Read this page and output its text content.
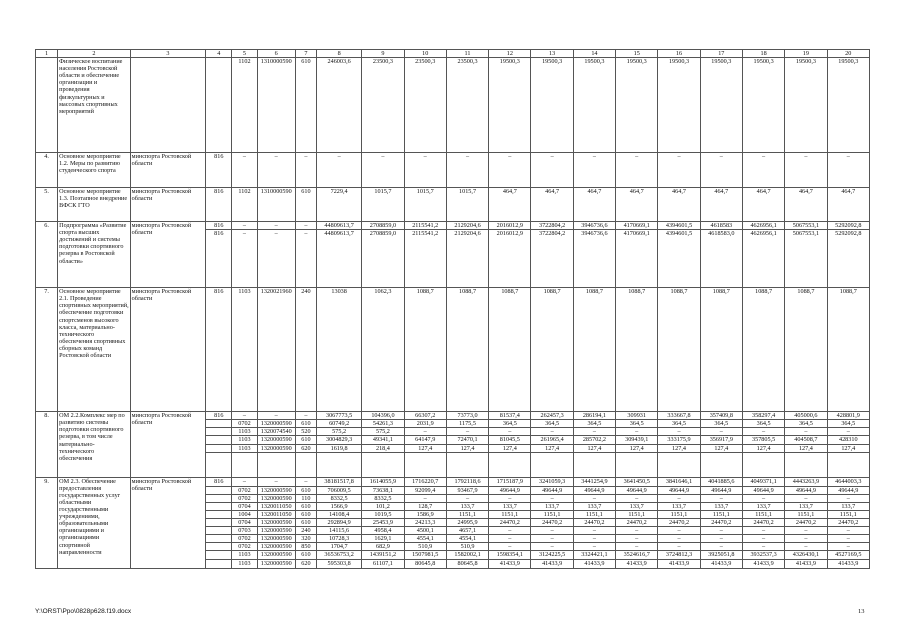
1	2	3	4	5	6	7	8	9	10	11	12	13	14	15	16	17	18	19	20
	Физическое воспитание населения Ростовской области и обеспечение организации и проведения физкультурных и массовых спортивных мероприятий			1102	1310000590	610	246003,6	23500,3	23500,3	23500,3	19500,3	19500,3	19500,3	19500,3	19500,3	19500,3	19500,3	19500,3	19500,3
4.	Основное мероприятие 1.2. Меры по развитию студенческого спорта	минспорта Ростовской области	816	–	–	–	–	–	–	–	–	–	–	–	–	–	–	–	–
5.	Основное мероприятие 1.3. Поэтапное внедрение ВФСК ГТО	минспорта Ростовской области	816	1102	1310000590	610	7229,4	1015,7	1015,7	1015,7	464,7	464,7	464,7	464,7	464,7	464,7	464,7	464,7	464,7
6.	Подпрограмма «Развитие спорта высших достижений и системы подготовки спортивного резерва в Ростовской области»	минспорта Ростовской области	816	–	–	–	44809613,7	2708859,0	2115541,2	2129204,6	2016012,9	3722804,2	3946736,6	4170669,1	4394601,5	4618583	4626956,1	5067553,1	5292092,8
			816	–	–	–	44809613,7	2708859,0	2115541,2	2129204,6	2016012,9	3722804,2	3946736,6	4170669,1	4394601,5	4618583,0	4626956,1	5067553,1	5292092,8
7.	Основное мероприятие 2.1. Проведение спортивных мероприятий, обеспечение подготовки спортсменов высокого класса, материально-технического обеспечения спортивных сборных команд Ростовской области	минспорта Ростовской области	816	1103	1320021960	240	13038	1062,3	1088,7	1088,7	1088,7	1088,7	1088,7	1088,7	1088,7	1088,7	1088,7	1088,7	1088,7
8.	ОМ 2.2.Комплекс мер по развитию системы подготовки спортивного резерва, в том числе материально-технического обеспечения	минспорта Ростовской области	816	–	–	–	3067773,5	104396,0	66307,2	73773,0	81537,4	262457,3	286194,1	309931	333667,8	357409,8	358297,4	405000,6	428801,9
				0702	1320000590	610	60749,2	54261,3	2031,9	1175,5	364,5	364,5	364,5	364,5	364,5	364,5	364,5	364,5	364,5
				1103	1320074540	520	575,2	575,2	–	–	–	–	–	–	–	–	–	–	–
				1103	1320000590	610	3004829,3	49341,1	64147,9	72470,1	81045,5	261965,4	285702,2	309439,1	333175,9	356917,9	357805,5	404508,7	428310
				1103	1320000590	620	1619,8	218,4	127,4	127,4	127,4	127,4	127,4	127,4	127,4	127,4	127,4	127,4	127,4

9.	ОМ 2.3. Обеспечение предоставления государственных услуг областными государственными учреждениями, образовательными организациями и организациями спортивной направленности	минспорта Ростовской области	816	–	–	–	38181517,8	1614055,9	1716220,7	1792118,6	1715187,9	3241059,3	3441254,9	3641450,5	3841646,1	4041885,6	4049371,1	4443263,9	4644003,3
				0702	1320000590	610	706009,5	73638,1	92099,4	93467,9	49644,9	49644,9	49644,9	49644,9	49644,9	49644,9	49644,9	49644,9	49644,9
				0702	1320000590	110	8332,5	8332,5	–	–	–	–	–	–	–	–	–	–	–
				0704	1320011050	610	1566,9	101,2	128,7	133,7	133,7	133,7	133,7	133,7	133,7	133,7	133,7	133,7	133,7
				1004	1320011050	610	14108,4	1019,5	1586,9	1151,1	1151,1	1151,1	1151,1	1151,1	1151,1	1151,1	1151,1	1151,1	1151,1
				0704	1320000590	610	292894,9	25453,9	24213,3	24995,9	24470,2	24470,2	24470,2	24470,2	24470,2	24470,2	24470,2	24470,2	24470,2
				0703	1320000590	240	14115,6	4958,4	4500,1	4657,1	–	–	–	–	–	–	–	–	–
				0702	1320000590	320	10728,3	1629,1	4554,1	4554,1	–	–	–	–	–	–	–	–	–
				0702	1320000590	850	1704,7	682,9	510,9	510,9	–	–	–	–	–	–	–	–	–
				1103	1320000590	610	36536753,2	1439151,2	1507981,5	1582002,1	1598354,1	3124225,5	3324421,1	3524616,7	3724812,3	3925051,8	3932537,3	4326430,1	4527169,5
				1103	1320000590	620	595303,8	61107,1	80645,8	80645,8	41433,9	41433,9	41433,9	41433,9	41433,9	41433,9	41433,9	41433,9	41433,9
Y:\ORST\Ppo\0828p628.f19.docx	13
